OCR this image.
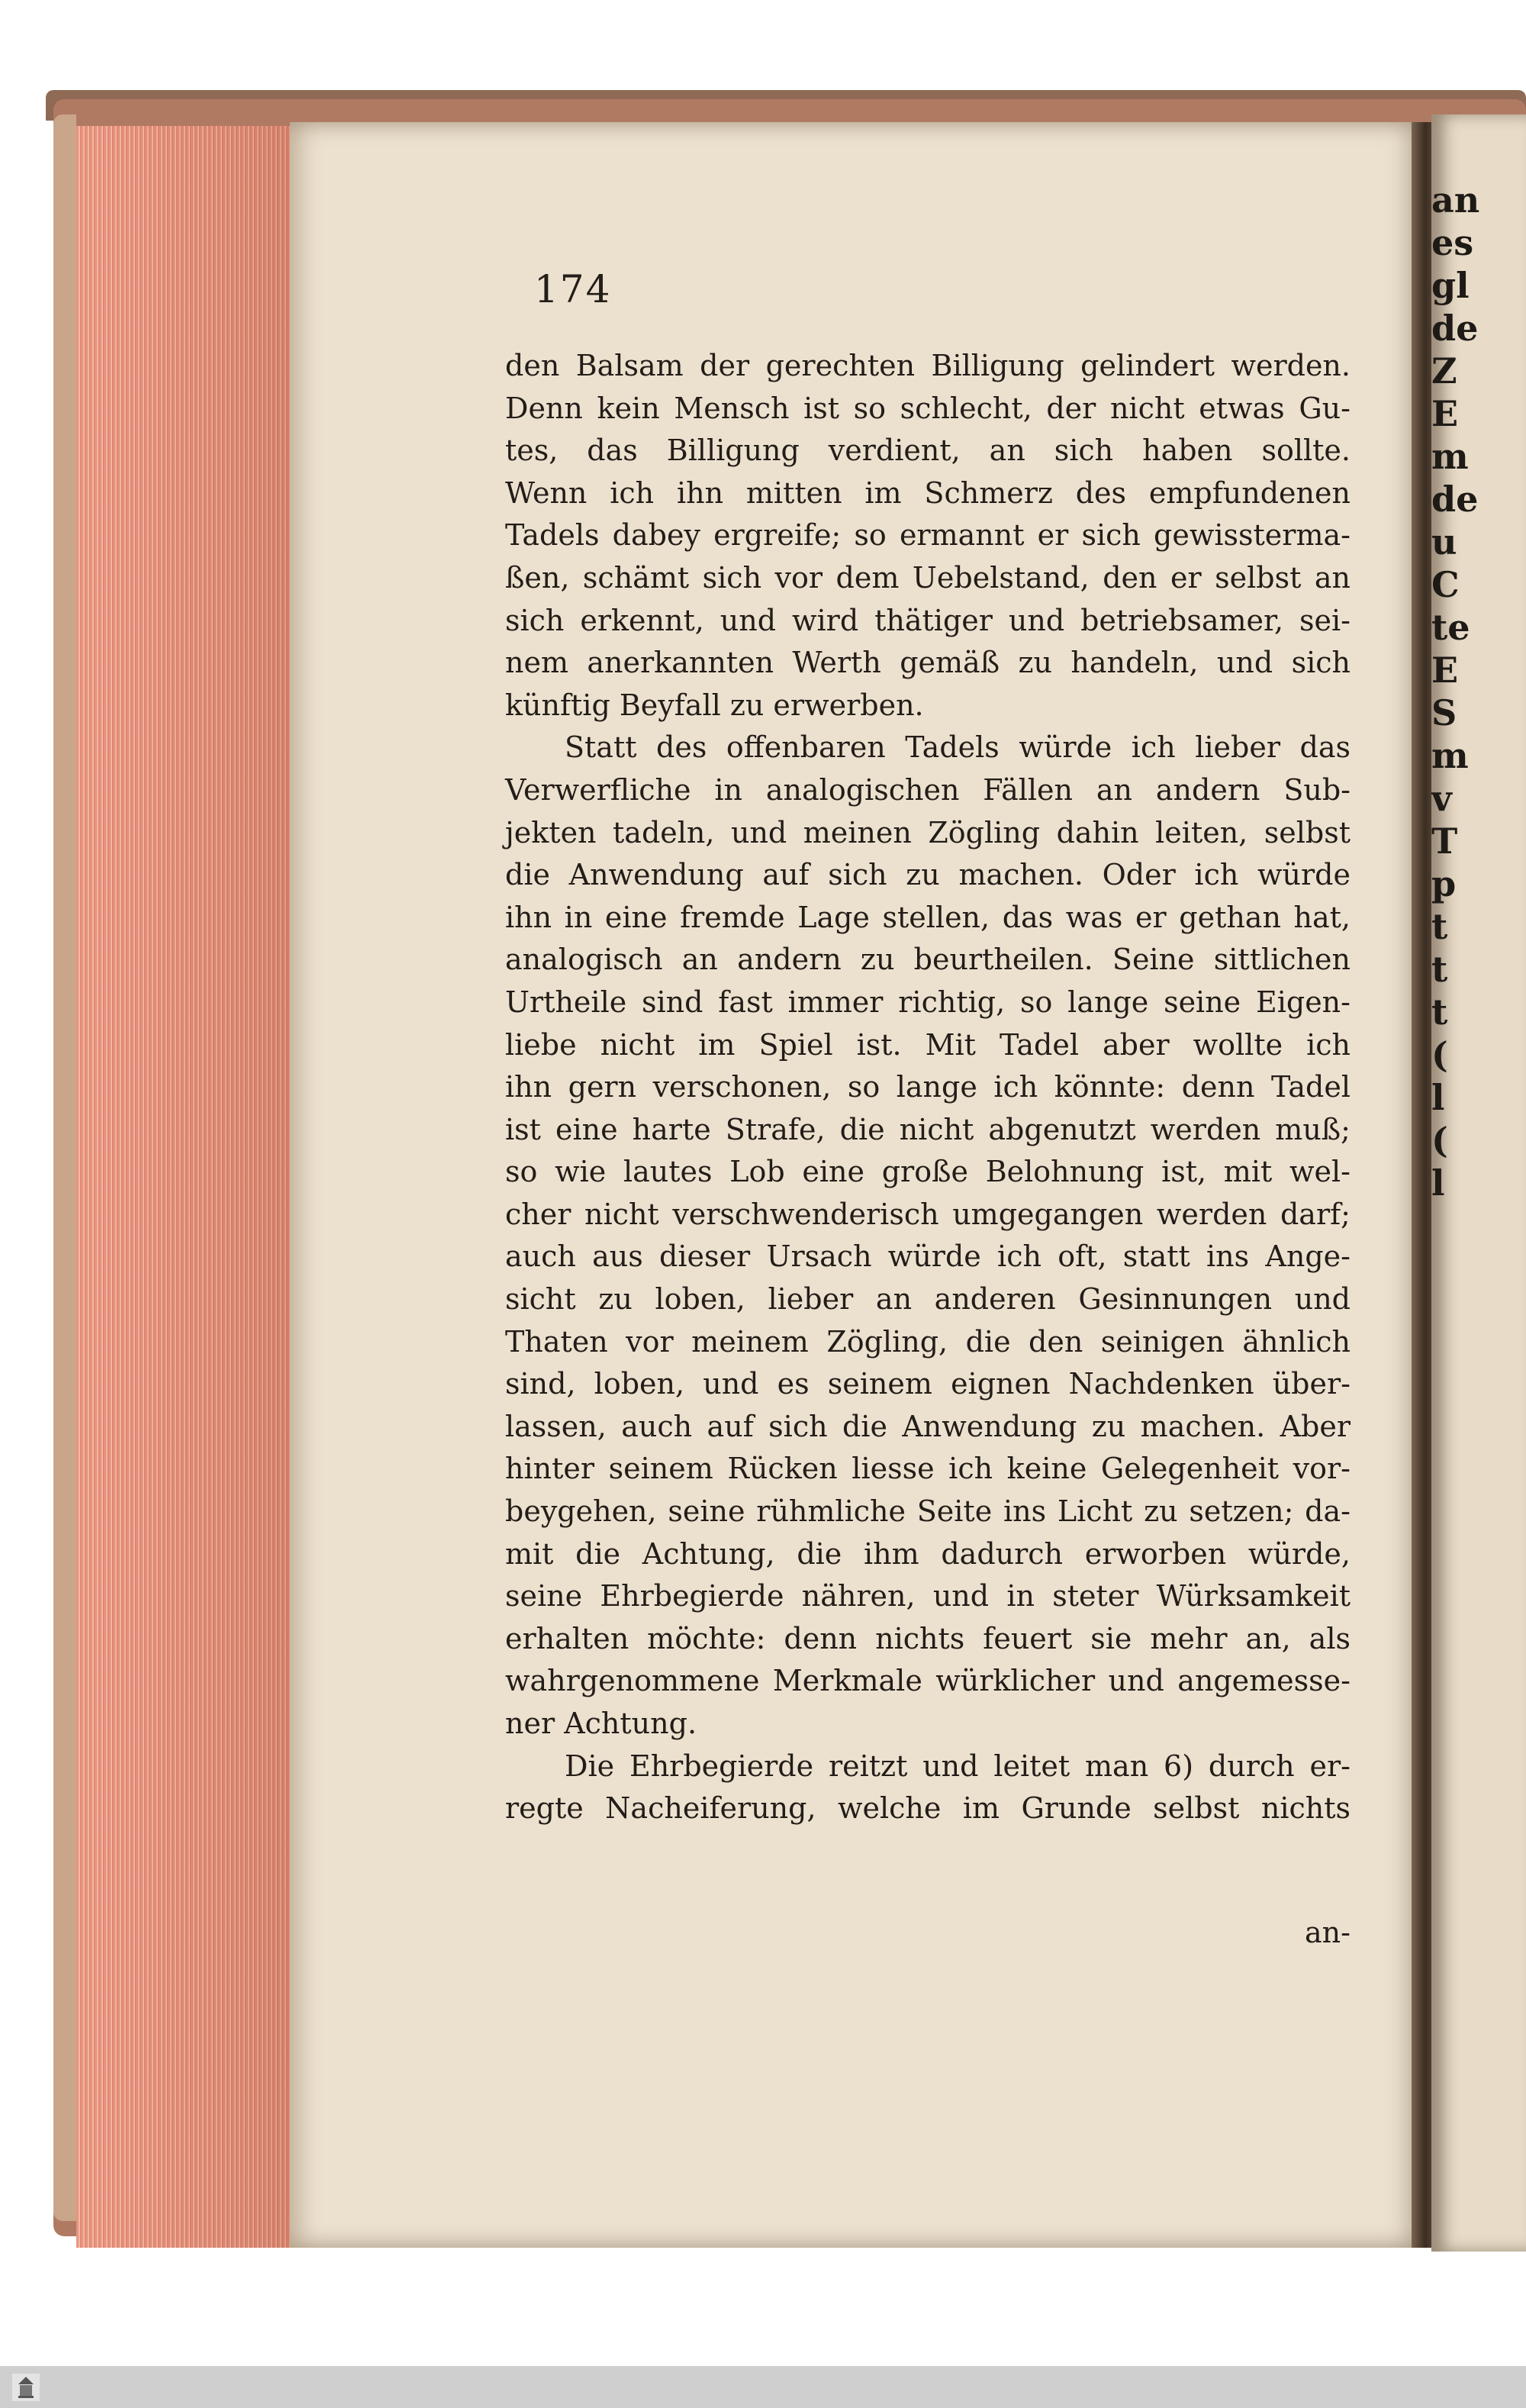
an
es
gl
de
Z
E
m
de
u
C
te
E
S
m
v
T
p
t
t
t
(
l
(
l
174
den Balsam der gerechten Billigung gelindert werden.
Denn kein Mensch ist so schlecht, der nicht etwas Gu-
tes, das Billigung verdient, an sich haben sollte.
Wenn ich ihn mitten im Schmerz des empfundenen
Tadels dabey ergreife; so ermannt er sich gewissterma-
ßen, schämt sich vor dem Uebelstand, den er selbst an
sich erkennt, und wird thätiger und betriebsamer, sei-
nem anerkannten Werth gemäß zu handeln, und sich
künftig Beyfall zu erwerben.
Statt des offenbaren Tadels würde ich lieber das
Verwerfliche in analogischen Fällen an andern Sub-
jekten tadeln, und meinen Zögling dahin leiten, selbst
die Anwendung auf sich zu machen. Oder ich würde
ihn in eine fremde Lage stellen, das was er gethan hat,
analogisch an andern zu beurtheilen. Seine sittlichen
Urtheile sind fast immer richtig, so lange seine Eigen-
liebe nicht im Spiel ist. Mit Tadel aber wollte ich
ihn gern verschonen, so lange ich könnte: denn Tadel
ist eine harte Strafe, die nicht abgenutzt werden muß;
so wie lautes Lob eine große Belohnung ist, mit wel-
cher nicht verschwenderisch umgegangen werden darf;
auch aus dieser Ursach würde ich oft, statt ins Ange-
sicht zu loben, lieber an anderen Gesinnungen und
Thaten vor meinem Zögling, die den seinigen ähnlich
sind, loben, und es seinem eignen Nachdenken über-
lassen, auch auf sich die Anwendung zu machen. Aber
hinter seinem Rücken liesse ich keine Gelegenheit vor-
beygehen, seine rühmliche Seite ins Licht zu setzen; da-
mit die Achtung, die ihm dadurch erworben würde,
seine Ehrbegierde nähren, und in steter Würksamkeit
erhalten möchte: denn nichts feuert sie mehr an, als
wahrgenommene Merkmale würklicher und angemesse-
ner Achtung.
Die Ehrbegierde reitzt und leitet man 6) durch er-
regte Nacheiferung, welche im Grunde selbst nichts
an-
